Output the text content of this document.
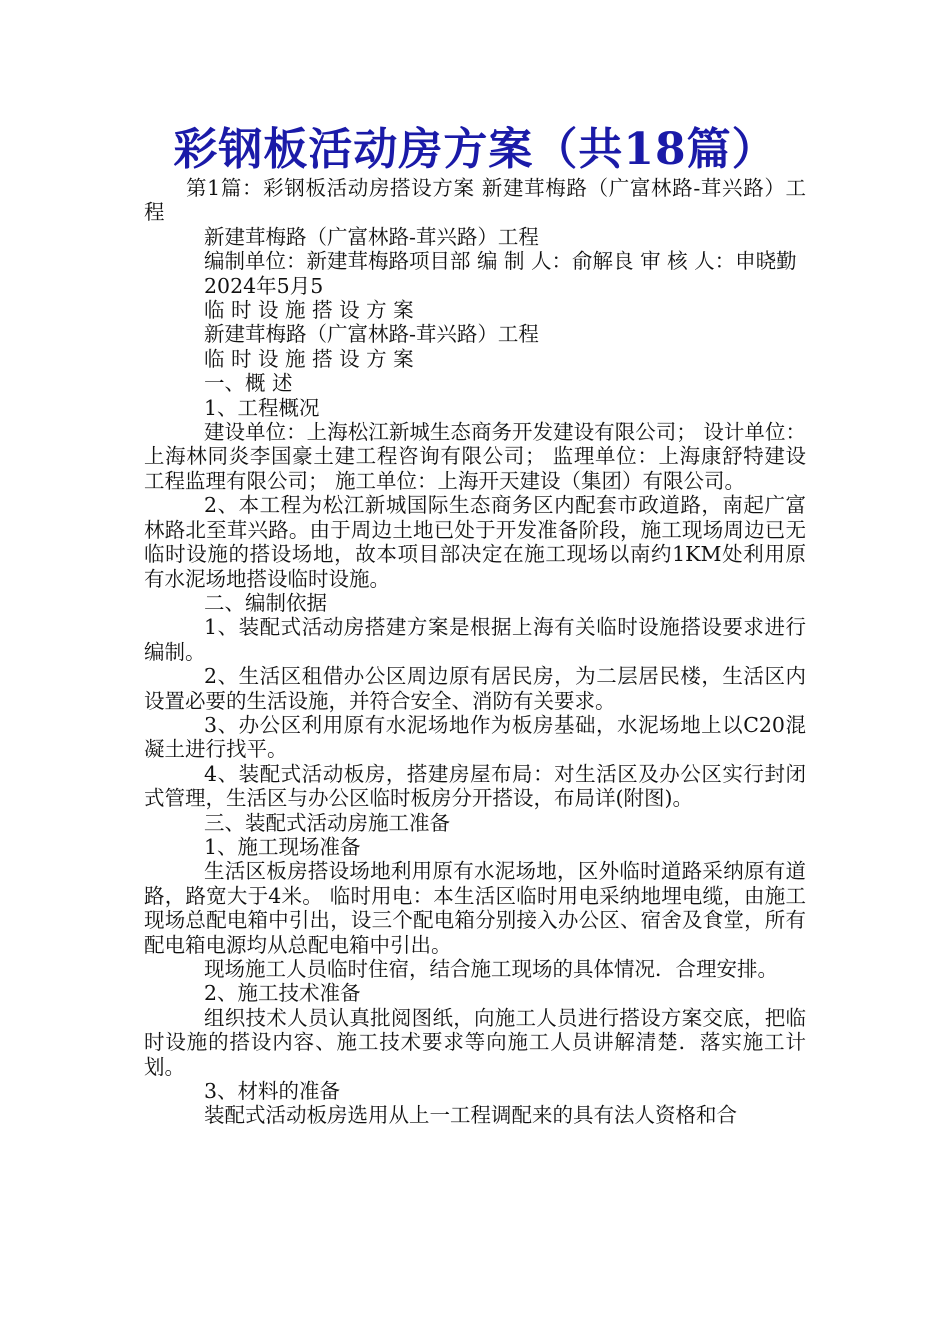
彩钢板活动房方案（共18篇）

第1篇：彩钢板活动房搭设方案 新建茸梅路（广富林路-茸兴路）工程

新建茸梅路（广富林路-茸兴路）工程

编制单位：新建茸梅路项目部 编 制 人：俞解良 审 核 人：申晓勤

2024年5月5

临 时 设 施 搭 设 方 案

新建茸梅路（广富林路-茸兴路）工程

临 时 设 施 搭 设 方 案

一、概 述

1、工程概况

建设单位：上海松江新城生态商务开发建设有限公司； 设计单位：上海林同炎李国豪土建工程咨询有限公司； 监理单位：上海康舒特建设工程监理有限公司； 施工单位：上海开天建设（集团）有限公司。

2、本工程为松江新城国际生态商务区内配套市政道路，南起广富林路北至茸兴路。由于周边土地已处于开发准备阶段，施工现场周边已无临时设施的搭设场地，故本项目部决定在施工现场以南约1KM处利用原有水泥场地搭设临时设施。

二、编制依据

1、装配式活动房搭建方案是根据上海有关临时设施搭设要求进行编制。

2、生活区租借办公区周边原有居民房，为二层居民楼，生活区内设置必要的生活设施，并符合安全、消防有关要求。

3、办公区利用原有水泥场地作为板房基础，水泥场地上以C20混凝土进行找平。

4、装配式活动板房，搭建房屋布局：对生活区及办公区实行封闭式管理，生活区与办公区临时板房分开搭设，布局详(附图)。

三、装配式活动房施工准备

1、施工现场准备

生活区板房搭设场地利用原有水泥场地，区外临时道路采纳原有道路，路宽大于4米。 临时用电：本生活区临时用电采纳地埋电缆，由施工现场总配电箱中引出，设三个配电箱分别接入办公区、宿舍及食堂，所有配电箱电源均从总配电箱中引出。

现场施工人员临时住宿，结合施工现场的具体情况．合理安排。

2、施工技术准备

组织技术人员认真批阅图纸，向施工人员进行搭设方案交底，把临时设施的搭设内容、施工技术要求等向施工人员讲解清楚．落实施工计划。

3、材料的准备

装配式活动板房选用从上一工程调配来的具有法人资格和合
